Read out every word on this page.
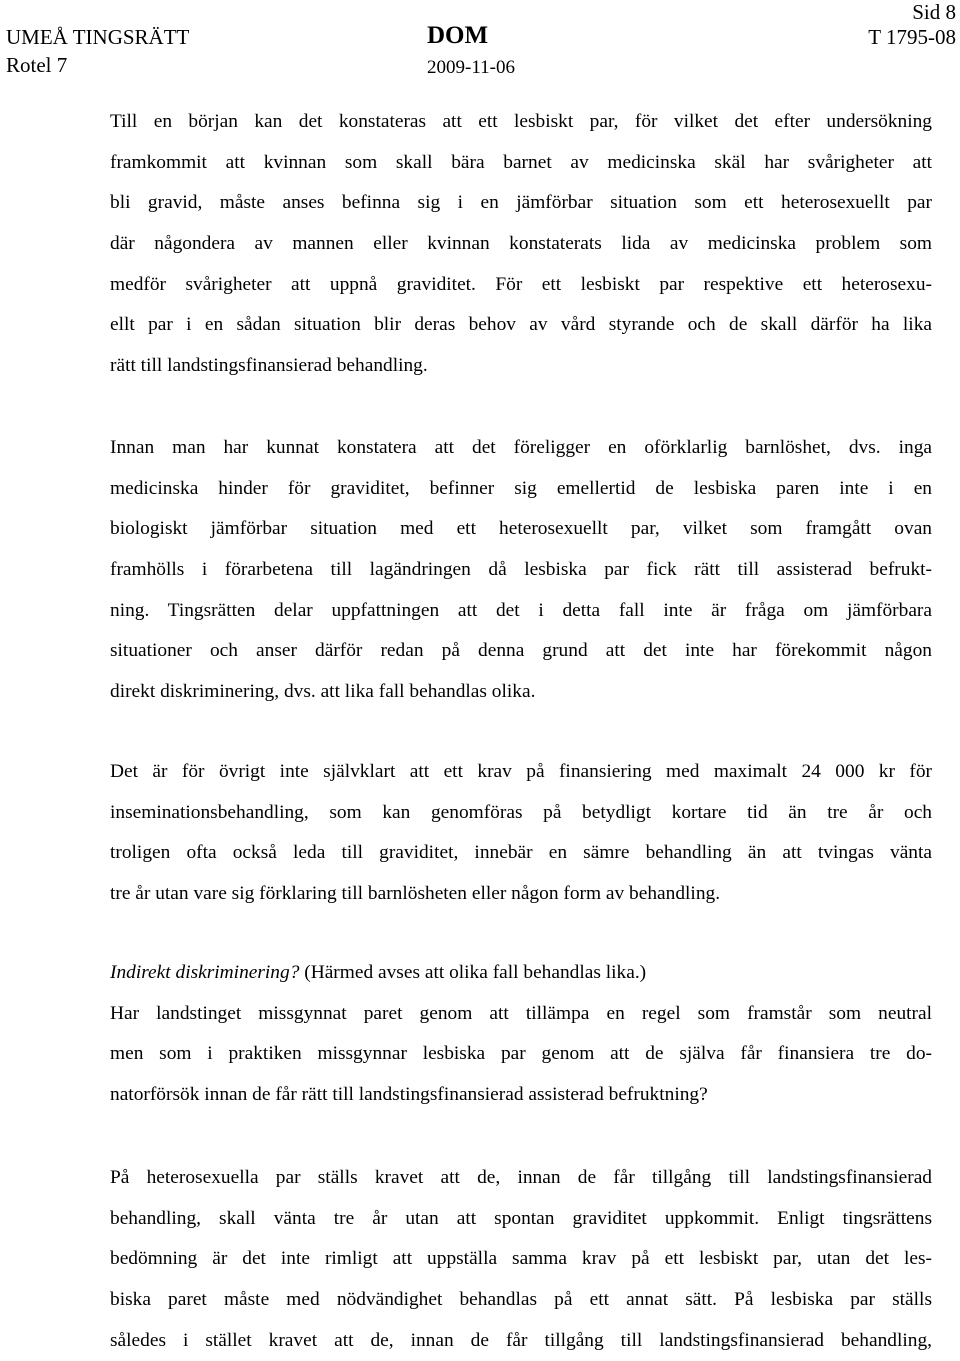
UMEÅ TINGSRÄTT
Rotel 7
DOM
2009-11-06
Sid 8
T 1795-08
Till en början kan det konstateras att ett lesbiskt par, för vilket det efter undersökning
framkommit att kvinnan som skall bära barnet av medicinska skäl har svårigheter att
bli gravid, måste anses befinna sig i en jämförbar situation som ett heterosexuellt par
där någondera av mannen eller kvinnan konstaterats lida av medicinska problem som
medför svårigheter att uppnå graviditet. För ett lesbiskt par respektive ett heterosexu-
ellt par i en sådan situation blir deras behov av vård styrande och de skall därför ha lika
rätt till landstingsfinansierad behandling.
Innan man har kunnat konstatera att det föreligger en oförklarlig barnlöshet, dvs. inga
medicinska hinder för graviditet, befinner sig emellertid de lesbiska paren inte i en
biologiskt jämförbar situation med ett heterosexuellt par, vilket som framgått ovan
framhölls i förarbetena till lagändringen då lesbiska par fick rätt till assisterad befrukt-
ning. Tingsrätten delar uppfattningen att det i detta fall inte är fråga om jämförbara
situationer och anser därför redan på denna grund att det inte har förekommit någon
direkt diskriminering, dvs. att lika fall behandlas olika.
Det är för övrigt inte självklart att ett krav på finansiering med maximalt 24 000 kr för
inseminationsbehandling, som kan genomföras på betydligt kortare tid än tre år och
troligen ofta också leda till graviditet, innebär en sämre behandling än att tvingas vänta
tre år utan vare sig förklaring till barnlösheten eller någon form av behandling.
Indirekt diskriminering? (Härmed avses att olika fall behandlas lika.)
Har landstinget missgynnat paret genom att tillämpa en regel som framstår som neutral
men som i praktiken missgynnar lesbiska par genom att de själva får finansiera tre do-
natorförsök innan de får rätt till landstingsfinansierad assisterad befruktning?
På heterosexuella par ställs kravet att de, innan de får tillgång till landstingsfinansierad
behandling, skall vänta tre år utan att spontan graviditet uppkommit. Enligt tingsrättens
bedömning är det inte rimligt att uppställa samma krav på ett lesbiskt par, utan det les-
biska paret måste med nödvändighet behandlas på ett annat sätt. På lesbiska par ställs
således i stället kravet att de, innan de får tillgång till landstingsfinansierad behandling,
